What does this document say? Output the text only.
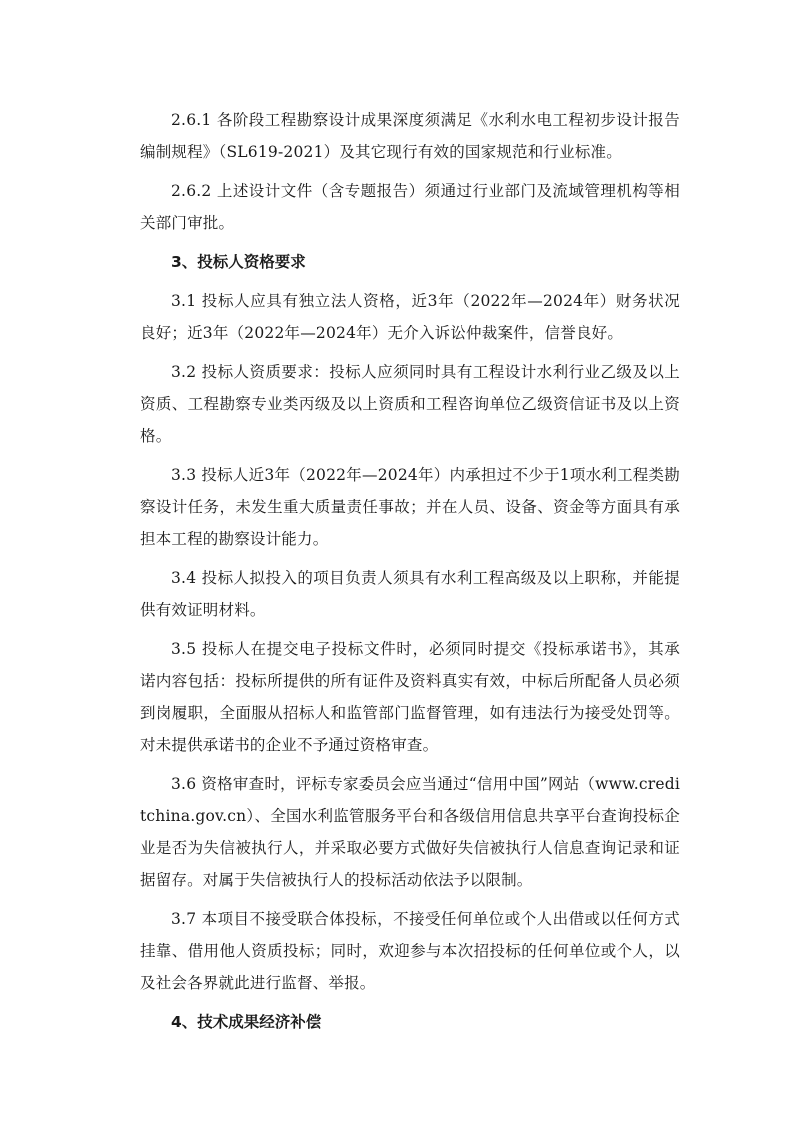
2.6.1 各阶段工程勘察设计成果深度须满足《水利水电工程初步设计报告编制规程》（SL619-2021）及其它现行有效的国家规范和行业标准。

2.6.2 上述设计文件（含专题报告）须通过行业部门及流域管理机构等相关部门审批。

3、投标人资格要求

3.1 投标人应具有独立法人资格，近3年（2022年—2024年）财务状况良好；近3年（2022年—2024年）无介入诉讼仲裁案件，信誉良好。

3.2 投标人资质要求：投标人应须同时具有工程设计水利行业乙级及以上资质、工程勘察专业类丙级及以上资质和工程咨询单位乙级资信证书及以上资格。

3.3 投标人近3年（2022年—2024年）内承担过不少于1项水利工程类勘察设计任务，未发生重大质量责任事故；并在人员、设备、资金等方面具有承担本工程的勘察设计能力。

3.4 投标人拟投入的项目负责人须具有水利工程高级及以上职称，并能提供有效证明材料。

3.5 投标人在提交电子投标文件时，必须同时提交《投标承诺书》，其承诺内容包括：投标所提供的所有证件及资料真实有效，中标后所配备人员必须到岗履职，全面服从招标人和监管部门监督管理，如有违法行为接受处罚等。对未提供承诺书的企业不予通过资格审查。

3.6 资格审查时，评标专家委员会应当通过“信用中国”网站（www.creditchina.gov.cn）、全国水利监管服务平台和各级信用信息共享平台查询投标企业是否为失信被执行人，并采取必要方式做好失信被执行人信息查询记录和证据留存。对属于失信被执行人的投标活动依法予以限制。

3.7 本项目不接受联合体投标，不接受任何单位或个人出借或以任何方式挂靠、借用他人资质投标；同时，欢迎参与本次招投标的任何单位或个人，以及社会各界就此进行监督、举报。

4、技术成果经济补偿
